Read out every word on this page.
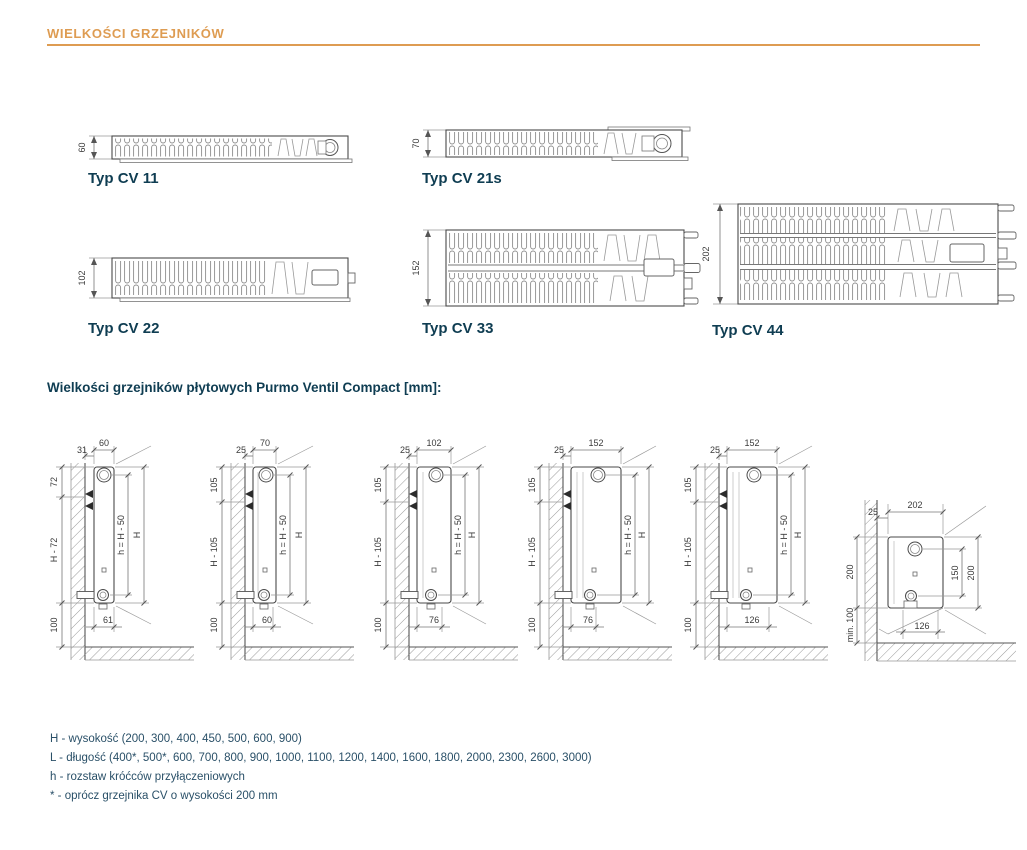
WIELKOŚCI GRZEJNIKÓW
60
Typ CV 11
70
Typ CV 21s
102
Typ CV 22
152
Typ CV 33
202
Typ CV 44
Wielkości grzejników płytowych Purmo Ventil Compact [mm]:
72
H - 72
100
60
31
h = H - 50 H
61
105
H - 105
100
70
25
h = H - 50 H
60
105
H - 105
100
102
25
h = H - 50 H
76
105
H - 105
100
152
25
h = H - 50 H
76
105
H - 105
100
152
25
h = H - 50 H
126
200
min. 100
202
25
150 200
126
H - wysokość (200, 300, 400, 450, 500, 600, 900)
L - długość (400*, 500*, 600, 700, 800, 900, 1000, 1100, 1200, 1400, 1600, 1800, 2000, 2300, 2600, 3000)
h - rozstaw króćców przyłączeniowych
* - oprócz grzejnika CV o wysokości 200 mm
